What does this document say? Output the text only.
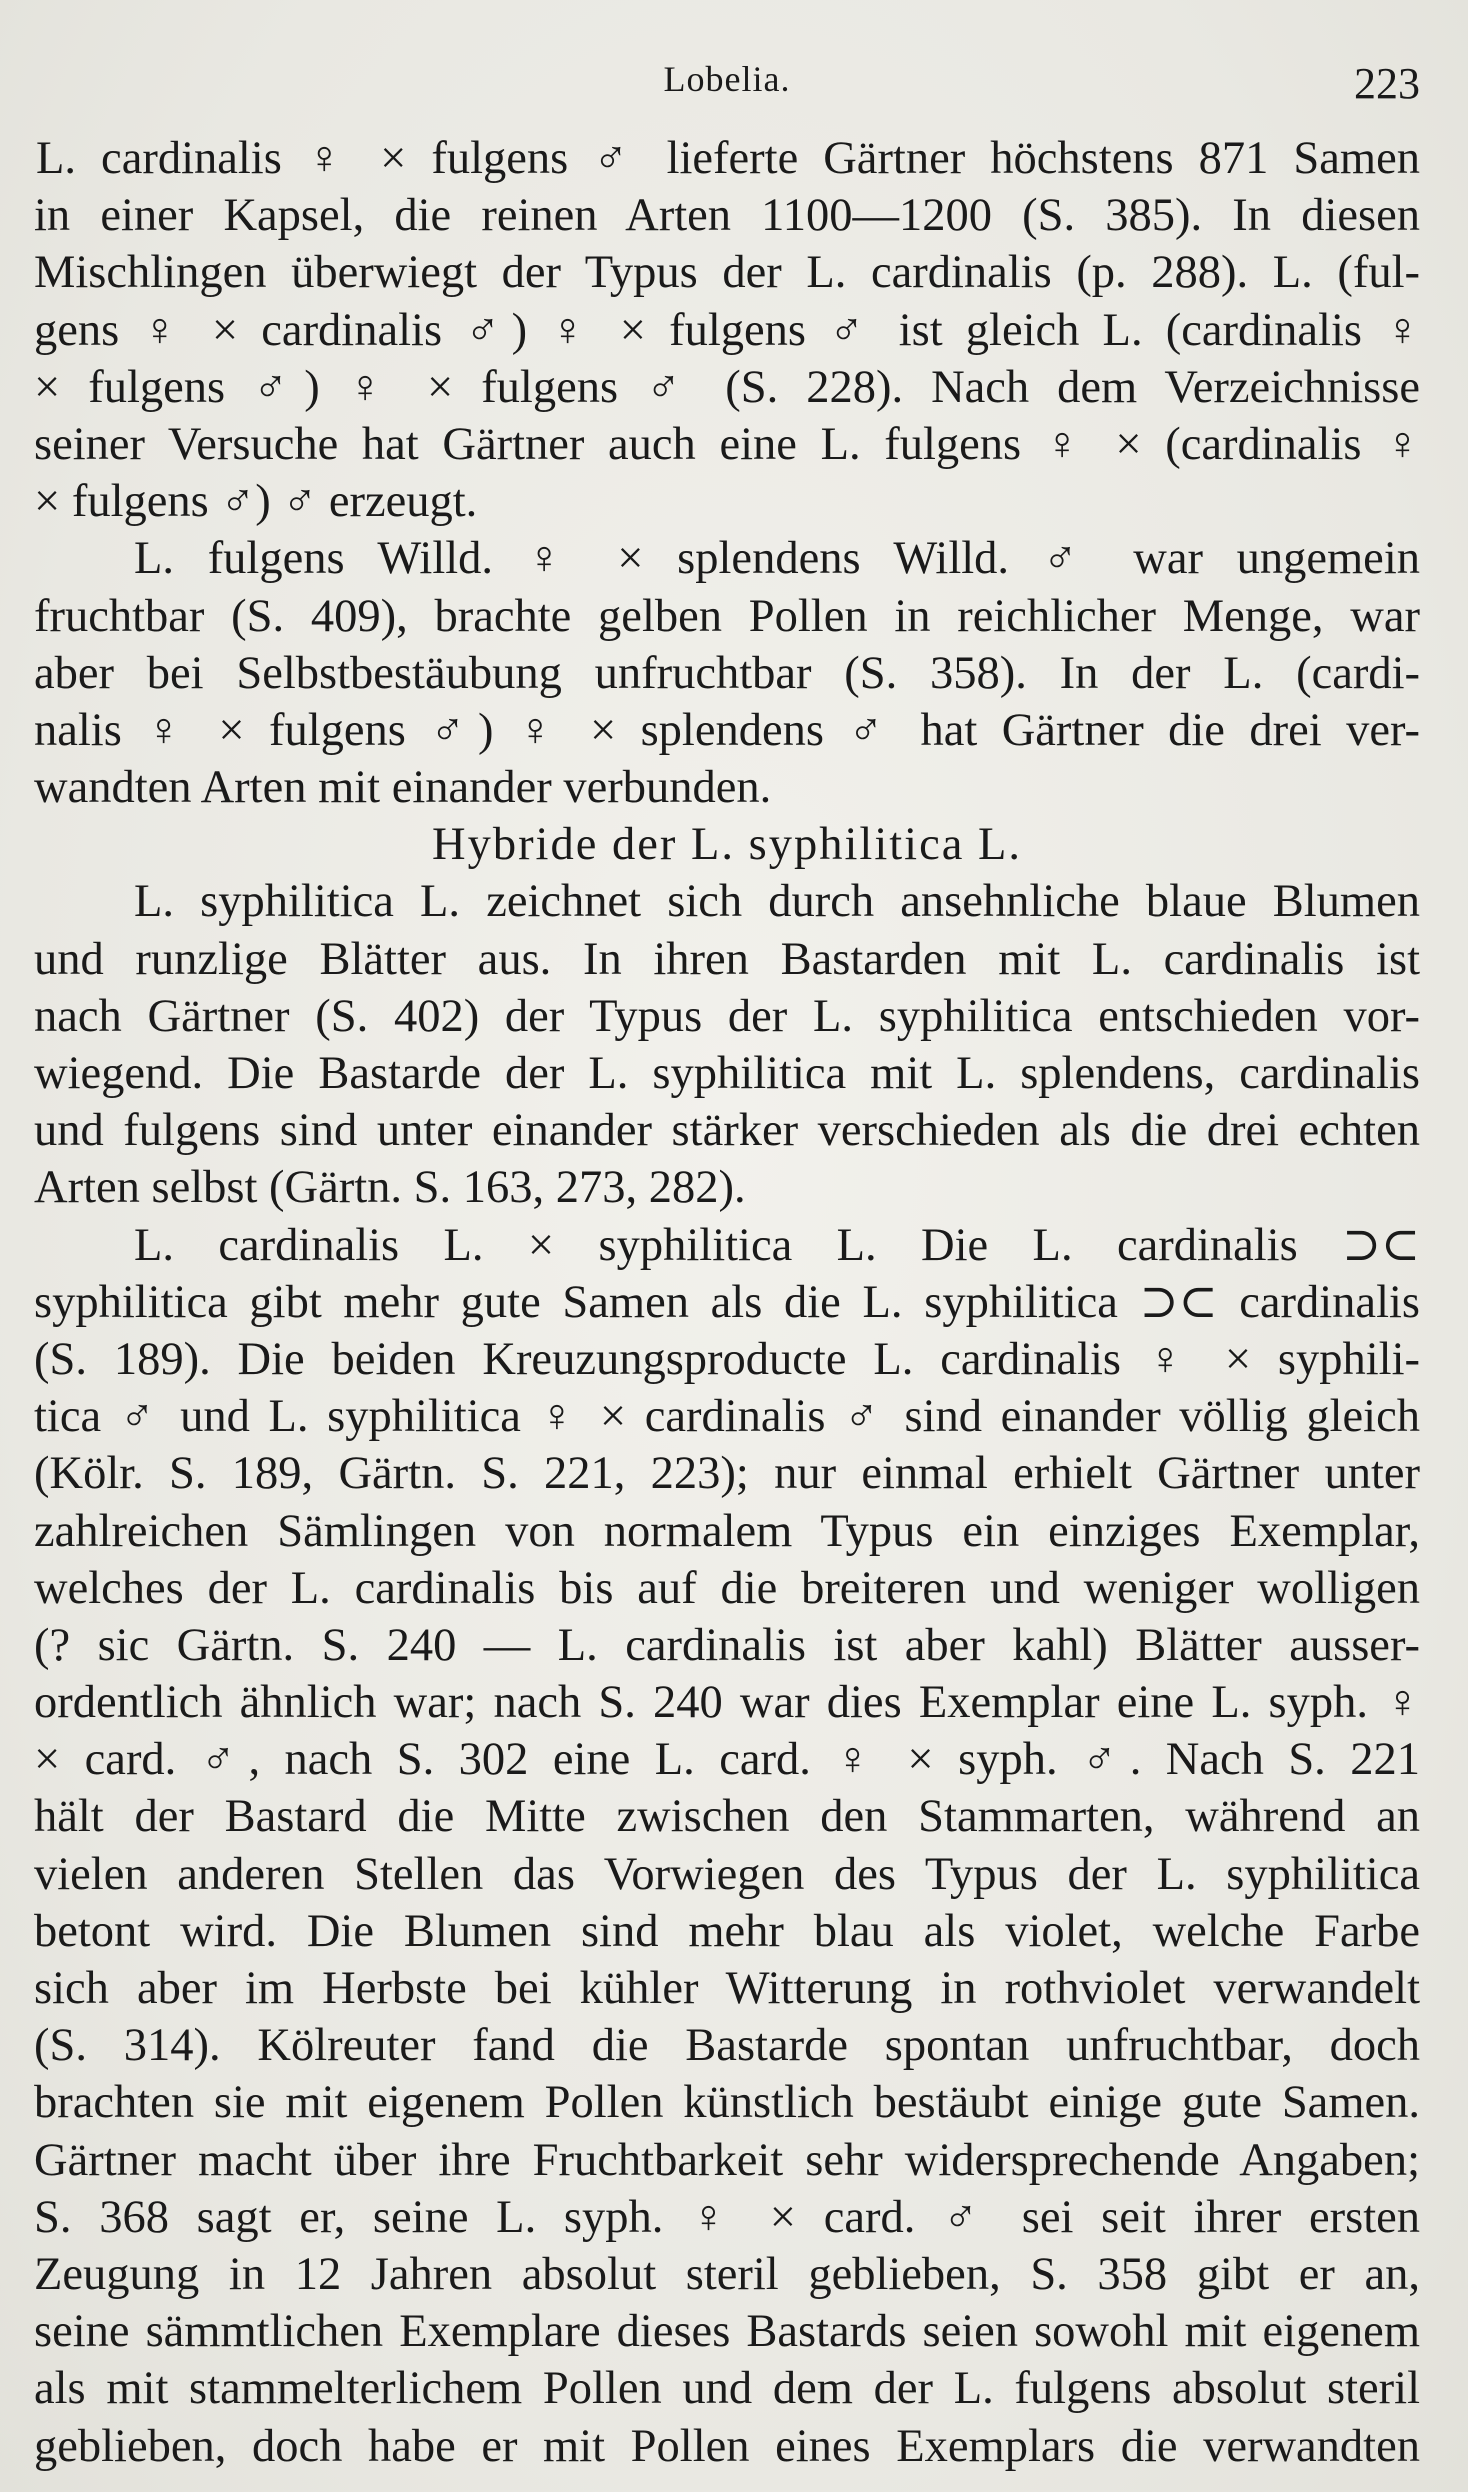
Lobelia.	223
L. cardinalis ♀ × fulgens ♂ lieferte Gärtner höchstens 871 Samen
in einer Kapsel, die reinen Arten 1100—1200 (S. 385). In diesen
Mischlingen überwiegt der Typus der L. cardinalis (p. 288). L. (ful-
gens ♀ × cardinalis ♂) ♀ × fulgens ♂ ist gleich L. (cardinalis ♀
× fulgens ♂) ♀ × fulgens ♂ (S. 228). Nach dem Verzeichnisse
seiner Versuche hat Gärtner auch eine L. fulgens ♀ × (cardinalis ♀
× fulgens ♂) ♂ erzeugt.
L. fulgens Willd. ♀ × splendens Willd. ♂ war ungemein
fruchtbar (S. 409), brachte gelben Pollen in reichlicher Menge, war
aber bei Selbstbestäubung unfruchtbar (S. 358). In der L. (cardi-
nalis ♀ × fulgens ♂) ♀ × splendens ♂ hat Gärtner die drei ver-
wandten Arten mit einander verbunden.
Hybride der L. syphilitica L.
L. syphilitica L. zeichnet sich durch ansehnliche blaue Blumen
und runzlige Blätter aus. In ihren Bastarden mit L. cardinalis ist
nach Gärtner (S. 402) der Typus der L. syphilitica entschieden vor-
wiegend. Die Bastarde der L. syphilitica mit L. splendens, cardinalis
und fulgens sind unter einander stärker verschieden als die drei echten
Arten selbst (Gärtn. S. 163, 273, 282).
L. cardinalis L. × syphilitica L. Die L. cardinalis ⊃⊂
syphilitica gibt mehr gute Samen als die L. syphilitica ⊃⊂ cardinalis
(S. 189). Die beiden Kreuzungsproducte L. cardinalis ♀ × syphili-
tica ♂ und L. syphilitica ♀ × cardinalis ♂ sind einander völlig gleich
(Kölr. S. 189, Gärtn. S. 221, 223); nur einmal erhielt Gärtner unter
zahlreichen Sämlingen von normalem Typus ein einziges Exemplar,
welches der L. cardinalis bis auf die breiteren und weniger wolligen
(? sic Gärtn. S. 240 — L. cardinalis ist aber kahl) Blätter ausser-
ordentlich ähnlich war; nach S. 240 war dies Exemplar eine L. syph. ♀
× card. ♂, nach S. 302 eine L. card. ♀ × syph. ♂. Nach S. 221
hält der Bastard die Mitte zwischen den Stammarten, während an
vielen anderen Stellen das Vorwiegen des Typus der L. syphilitica
betont wird. Die Blumen sind mehr blau als violet, welche Farbe
sich aber im Herbste bei kühler Witterung in rothviolet verwandelt
(S. 314). Kölreuter fand die Bastarde spontan unfruchtbar, doch
brachten sie mit eigenem Pollen künstlich bestäubt einige gute Samen.
Gärtner macht über ihre Fruchtbarkeit sehr widersprechende Angaben;
S. 368 sagt er, seine L. syph. ♀ × card. ♂ sei seit ihrer ersten
Zeugung in 12 Jahren absolut steril geblieben, S. 358 gibt er an,
seine sämmtlichen Exemplare dieses Bastards seien sowohl mit eigenem
als mit stammelterlichem Pollen und dem der L. fulgens absolut steril
geblieben, doch habe er mit Pollen eines Exemplars die verwandten
